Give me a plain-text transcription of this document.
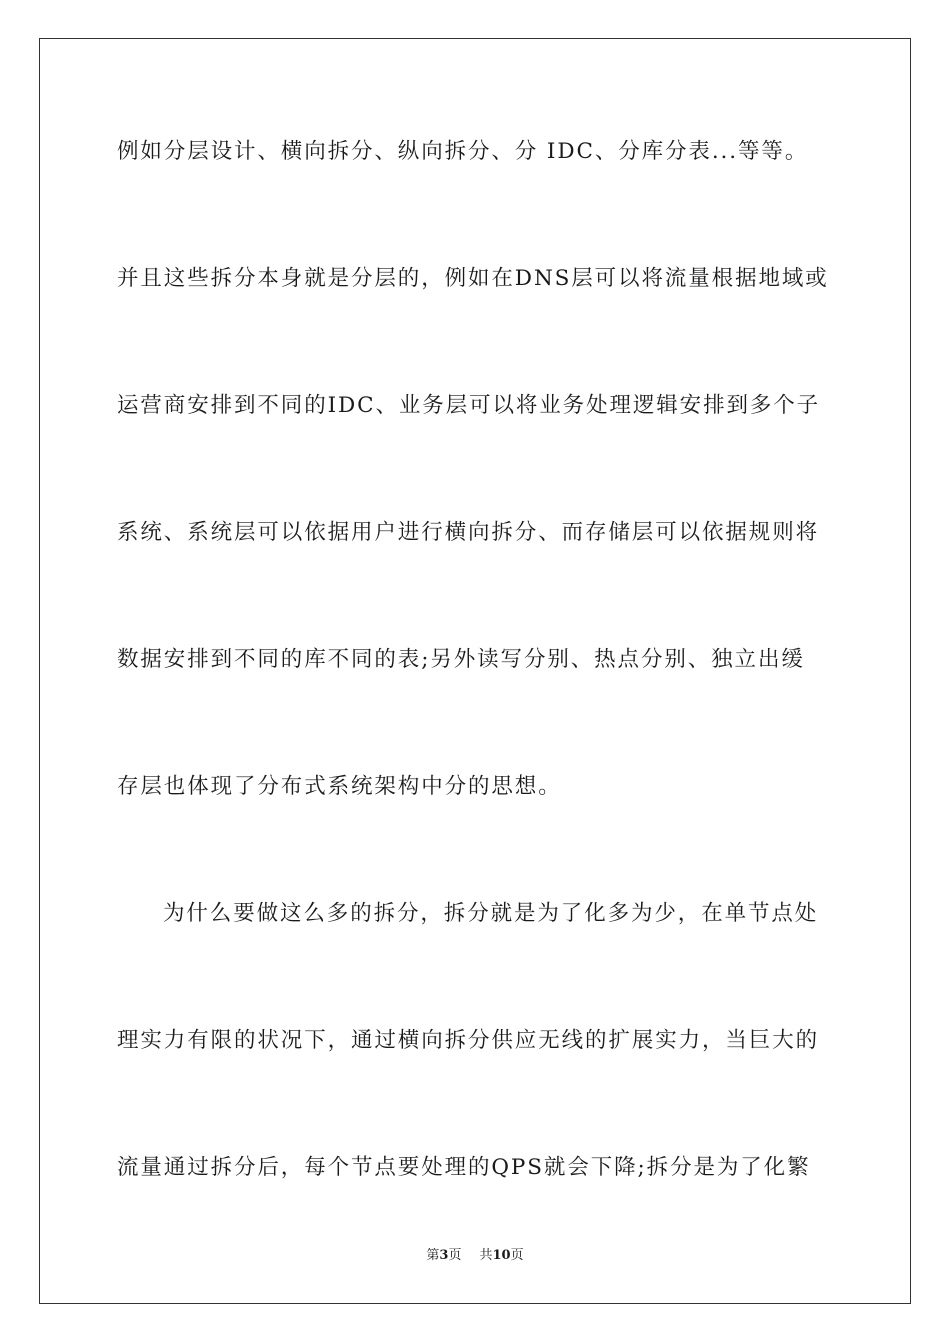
例如分层设计、横向拆分、纵向拆分、分 IDC、分库分表...等等。
并且这些拆分本身就是分层的，例如在DNS层可以将流量根据地域或
运营商安排到不同的IDC、业务层可以将业务处理逻辑安排到多个子
系统、系统层可以依据用户进行横向拆分、而存储层可以依据规则将
数据安排到不同的库不同的表;另外读写分别、热点分别、独立出缓
存层也体现了分布式系统架构中分的思想。
为什么要做这么多的拆分，拆分就是为了化多为少，在单节点处
理实力有限的状况下，通过横向拆分供应无线的扩展实力，当巨大的
流量通过拆分后，每个节点要处理的QPS就会下降;拆分是为了化繁
第3页 共10页
